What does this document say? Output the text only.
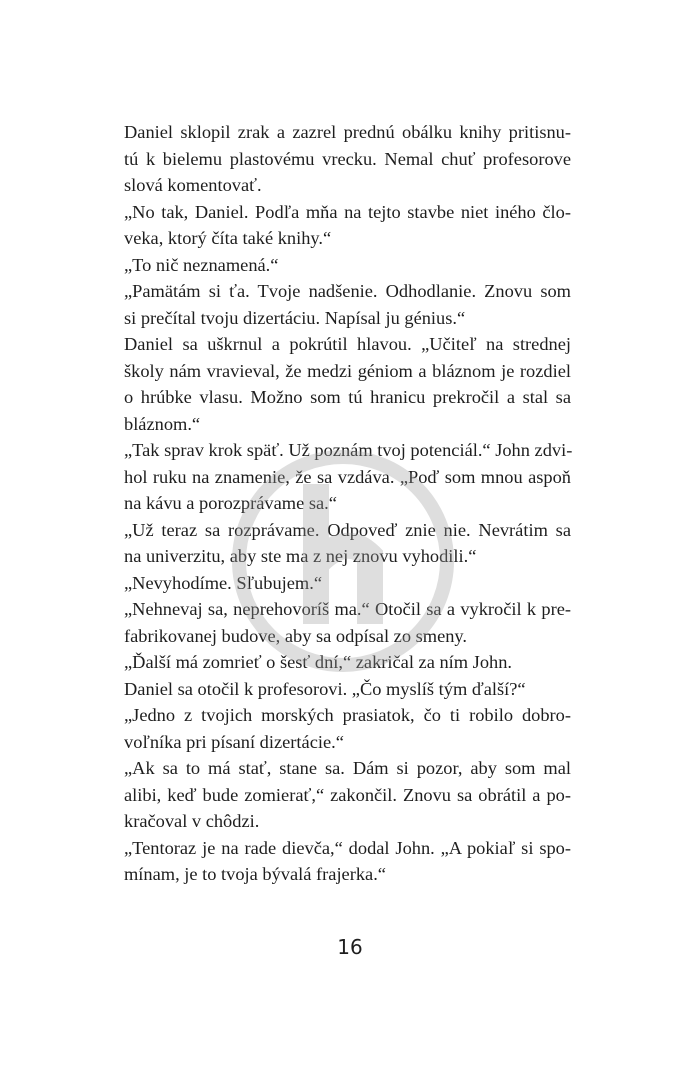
Daniel sklopil zrak a zazrel prednú obálku knihy pritisnu-
tú k bielemu plastovému vrecku. Nemal chuť profesorove
slová komentovať.
„No tak, Daniel. Podľa mňa na tejto stavbe niet iného člo-
veka, ktorý číta také knihy.“
„To nič neznamená.“
„Pamätám si ťa. Tvoje nadšenie. Odhodlanie. Znovu som
si prečítal tvoju dizertáciu. Napísal ju génius.“
Daniel sa uškrnul a pokrútil hlavou. „Učiteľ na strednej
školy nám vravieval, že medzi géniom a bláznom je rozdiel
o hrúbke vlasu. Možno som tú hranicu prekročil a stal sa
bláznom.“
„Tak sprav krok späť. Už poznám tvoj potenciál.“ John zdvi-
hol ruku na znamenie, že sa vzdáva. „Poď som mnou aspoň
na kávu a porozprávame sa.“
„Už teraz sa rozprávame. Odpoveď znie nie. Nevrátim sa
na univerzitu, aby ste ma z nej znovu vyhodili.“
„Nevyhodíme. Sľubujem.“
„Nehnevaj sa, neprehovoríš ma.“ Otočil sa a vykročil k pre-
fabrikovanej budove, aby sa odpísal zo smeny.
„Ďalší má zomrieť o šesť dní,“ zakričal za ním John.
Daniel sa otočil k profesorovi. „Čo myslíš tým ďalší?“
„Jedno z tvojich morských prasiatok, čo ti robilo dobro-
voľníka pri písaní dizertácie.“
„Ak sa to má stať, stane sa. Dám si pozor, aby som mal
alibi, keď bude zomierať,“ zakončil. Znovu sa obrátil a po-
kračoval v chôdzi.
„Tentoraz je na rade dievča,“ dodal John. „A pokiaľ si spo-
mínam, je to tvoja bývalá frajerka.“
16
